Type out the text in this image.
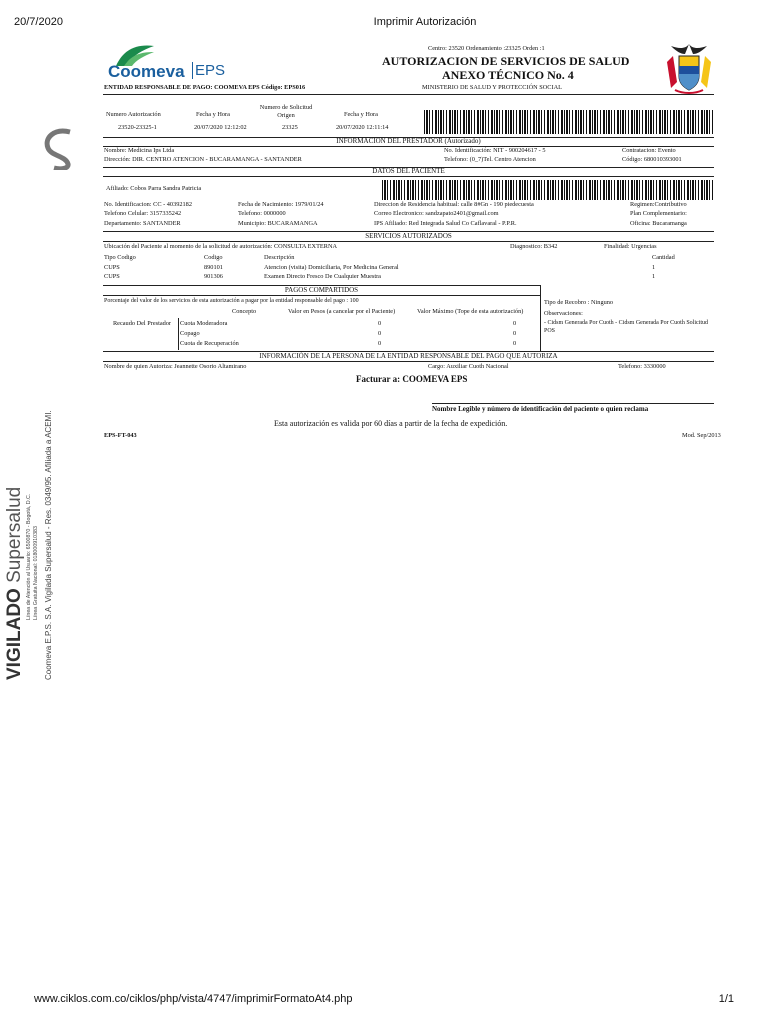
20/7/2020	Imprimir Autorización
www.ciklos.com.co/ciklos/php/vista/4747/imprimirFormatoAt4.php	1/1
VIGILADO Supersalud Línea de Atención al Usuario: 6500870 - Bogotá, D.C. Línea Gratuita Nacional: 018000910383 Coomeva E.P.S. S.A. Vigilada Supersalud - Res. 0349/95. Afiliada a ACEMI.
Coomeva EPS
Centro: 23520 Ordenamiento :23325 Orden :1
AUTORIZACION DE SERVICIOS DE SALUD
ANEXO TÉCNICO No. 4
MINISTERIO DE SALUD Y PROTECCIÓN SOCIAL
ENTIDAD RESPONSABLE DE PAGO: COOMEVA EPS Código: EPS016
Numero Autorización	Fecha y Hora
Numero de Solicitud Origen	Fecha y Hora
23520-23325-1	20/07/2020 12:12:02	23325	20/07/2020 12:11:14
INFORMACION DEL PRESTADOR (Autorizado)
Nombre: Medicina Ips Ltda	No. Identificación: NIT - 900204617 - 5	Contratacion: Evento
Dirección: DIR. CENTRO ATENCION - BUCARAMANGA - SANTANDER	Telefono: (0_7)Tel. Centro Atencion	Código: 680010393001
DATOS DEL PACIENTE
Afiliado: Cobos Parra Sandra Patricia
No. Identificacion: CC - 40392182	Fecha de Nacimiento: 1979/01/24	Direccion de Residencia habitual: calle 8#Gn - 190 piedecuesta	Regimen:Contributivo
Telefono Celular: 3157335242	Telefono: 0000000	Correo Electronico: sandzapato2401@gmail.com	Plan Complementario:
Departamento: SANTANDER	Municipio: BUCARAMANGA	IPS Afiliado: Red Integrada Salud Co Caflavaral - P.P.R.	Oficina: Bucaramanga
SERVICIOS AUTORIZADOS
Ubicación del Paciente al momento de la solicitud de autorización: CONSULTA EXTERNA	Diagnostico: B342	Finalidad: Urgencias
Tipo Codigo	Codigo	Descripción	Cantidad
CUPS	890101	Atencion (visita) Domiciliaria, Por Medicina General	1
CUPS	901306	Examen Directo Fresco De Cualquier Muestra	1
PAGOS COMPARTIDOS
Porcentaje del valor de los servicios de esta autorización a pagar por la entidad responsable del pago : 100
Concepto	Valor en Pesos (a cancelar por el Paciente)	Valor Máximo (Tope de esta autorización)
Recaudo Del Prestador Cuota Moderadora	0	0
Copago	0	0
Cuota de Recuperación	0	0
Tipo de Recobro : Ninguno
Observaciones:
- Cidsm Generada Por Cuoth - Cidsm Generada Por Cuoth Solicitud POS
INFORMACIÓN DE LA PERSONA DE LA ENTIDAD RESPONSABLE DEL PAGO QUE AUTORIZA
Nombre de quien Autoriza: Jeannette Osorio Altamirano	Cargo: Auxiliar Cuoth Nacional	Telefono: 3330000
Facturar a: COOMEVA EPS
Nombre Legible y número de identificación del paciente o quien reclama
Esta autorización es valida por 60 días a partir de la fecha de expedición.
EPS-FT-043	Mod. Sep/2013
